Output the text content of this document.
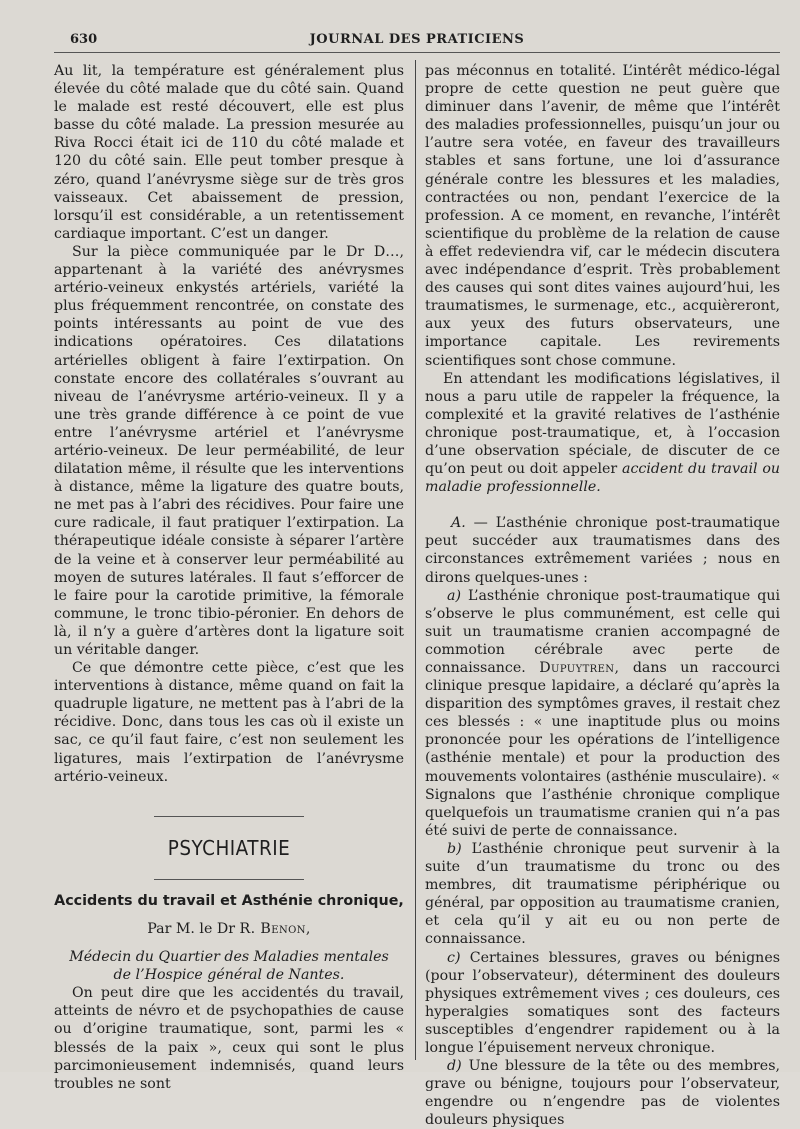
630	JOURNAL DES PRATICIENS

Au lit, la température est généralement plus élevée du côté malade que du côté sain. Quand le malade est resté découvert, elle est plus basse du côté malade. La pression mesurée au Riva Rocci était ici de 110 du côté malade et 120 du côté sain. Elle peut tomber presque à zéro, quand l’anévrysme siège sur de très gros vaisseaux. Cet abaissement de pression, lorsqu’il est considérable, a un retentissement cardiaque important. C’est un danger.

Sur la pièce communiquée par le Dr D…, appartenant à la variété des anévrysmes artério-veineux enkystés artériels, variété la plus fréquemment rencontrée, on constate des points intéressants au point de vue des indications opératoires. Ces dilatations artérielles obligent à faire l’extirpation. On constate encore des collatérales s’ouvrant au niveau de l’anévrysme artério-veineux. Il y a une très grande différence à ce point de vue entre l’anévrysme artériel et l’anévrysme artério-veineux. De leur perméabilité, de leur dilatation même, il résulte que les interventions à distance, même la ligature des quatre bouts, ne met pas à l’abri des récidives. Pour faire une cure radicale, il faut pratiquer l’extirpation. La thérapeutique idéale consiste à séparer l’artère de la veine et à conserver leur perméabilité au moyen de sutures latérales. Il faut s’efforcer de le faire pour la carotide primitive, la fémorale commune, le tronc tibio-péronier. En dehors de là, il n’y a guère d’artères dont la ligature soit un véritable danger.

Ce que démontre cette pièce, c’est que les interventions à distance, même quand on fait la quadruple ligature, ne mettent pas à l’abri de la récidive. Donc, dans tous les cas où il existe un sac, ce qu’il faut faire, c’est non seulement les ligatures, mais l’extirpation de l’anévrysme artério-veineux.

PSYCHIATRIE
Accidents du travail et Asthénie chronique,
Par M. le Dr R. Benon,
Médecin du Quartier des Maladies mentales
de l’Hospice général de Nantes.

On peut dire que les accidentés du travail, atteints de névro et de psychopathies de cause ou d’origine traumatique, sont, parmi les « blessés de la paix », ceux qui sont le plus parcimonieusement indemnisés, quand leurs troubles ne sont

pas méconnus en totalité. L’intérêt médico-légal propre de cette question ne peut guère que diminuer dans l’avenir, de même que l’intérêt des maladies professionnelles, puisqu’un jour ou l’autre sera votée, en faveur des travailleurs stables et sans fortune, une loi d’assurance générale contre les blessures et les maladies, contractées ou non, pendant l’exercice de la profession. A ce moment, en revanche, l’intérêt scientifique du problème de la relation de cause à effet redeviendra vif, car le médecin discutera avec indépendance d’esprit. Très probablement des causes qui sont dites vaines aujourd’hui, les traumatismes, le surmenage, etc., acquièreront, aux yeux des futurs observateurs, une importance capitale. Les revirements scientifiques sont chose commune.

En attendant les modifications législatives, il nous a paru utile de rappeler la fréquence, la complexité et la gravité relatives de l’asthénie chronique post-traumatique, et, à l’occasion d’une observation spéciale, de discuter de ce qu’on peut ou doit appeler accident du travail ou maladie professionnelle.

A. — L’asthénie chronique post-traumatique peut succéder aux traumatismes dans des circonstances extrêmement variées ; nous en dirons quelques-unes :

a) L’asthénie chronique post-traumatique qui s’observe le plus communément, est celle qui suit un traumatisme cranien accompagné de commotion cérébrale avec perte de connaissance. Dupuytren, dans un raccourci clinique presque lapidaire, a déclaré qu’après la disparition des symptômes graves, il restait chez ces blessés : « une inaptitude plus ou moins prononcée pour les opérations de l’intelligence (asthénie mentale) et pour la production des mouvements volontaires (asthénie musculaire). « Signalons que l’asthénie chronique complique quelquefois un traumatisme cranien qui n’a pas été suivi de perte de connaissance.

b) L’asthénie chronique peut survenir à la suite d’un traumatisme du tronc ou des membres, dit traumatisme périphérique ou général, par opposition au traumatisme cranien, et cela qu’il y ait eu ou non perte de connaissance.

c) Certaines blessures, graves ou bénignes (pour l’observateur), déterminent des douleurs physiques extrêmement vives ; ces douleurs, ces hyperalgies somatiques sont des facteurs susceptibles d’engendrer rapidement ou à la longue l’épuisement nerveux chronique.

d) Une blessure de la tête ou des membres, grave ou bénigne, toujours pour l’observateur, engendre ou n’engendre pas de violentes douleurs physiques
